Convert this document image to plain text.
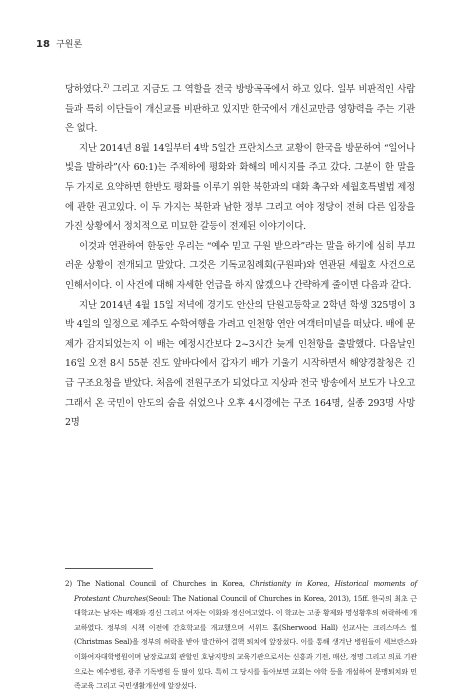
18 구원론

당하였다.$^{2)}$ 그리고 지금도 그 역할을 전국 방방곡곡에서 하고 있다. 일부 비판적인 사람들과 특히 이단들이 개신교를 비판하고 있지만 한국에서 개신교만큼 영향력을 주는 기관은 없다.

지난 2014년 8월 14일부터 4박 5일간 프란치스코 교황이 한국을 방문하여 “일어나 빛을 발하라”(사 60:1)는 주제하에 평화와 화해의 메시지를 주고 갔다. 그분이 한 말을 두 가지로 요약하면 한반도 평화를 이루기 위한 북한과의 대화 촉구와 세월호특별법 제정에 관한 권고있다. 이 두 가지는 북한과 남한 정부 그리고 여야 정당이 전혀 다른 입장을 가진 상황에서 정치적으로 미묘한 갈등이 전제된 이야기이다.

이것과 연관하여 한동안 우리는 “예수 믿고 구원 받으라”라는 말을 하기에 심히 부끄러운 상황이 전개되고 말았다. 그것은 기독교침례회(구원파)와 연관된 세월호 사건으로 인해서이다. 이 사건에 대해 자세한 언급을 하지 않겠으나 간략하게 줄이면 다음과 같다.

지난 2014년 4월 15일 저녁에 경기도 안산의 단원고등학교 2학년 학생 325명이 3박 4일의 일정으로 제주도 수학여행을 가려고 인천항 연안 여객터미널을 떠났다. 배에 문제가 감지되었는지 이 배는 예정시간보다 2~3시간 늦게 인천항을 출발했다. 다음날인 16일 오전 8시 55분 진도 앞바다에서 갑자기 배가 기울기 시작하면서 해양경찰청은 긴급 구조요청을 받았다. 처음에 전원구조가 되었다고 지상파 전국 방송에서 보도가 나오고 그래서 온 국민이 안도의 숨을 쉬었으나 오후 4시경에는 구조 164명, 실종 293명 사망 2명

2) The National Council of Churches in Korea, Christianity in Korea, Historical moments of Protestant Churches(Seoul: The National Council of Churches in Korea, 2013), 15ff. 한국의 최초 근대학교는 남자는 배재와 경신 그리고 여자는 이화와 정신여고였다. 이 학교는 고종 황제와 명성황후의 허락하에 개교하였다. 정부의 시책 이전에 간호학교를 개교했으며 서위드 홀(Sherwood Hall) 선교사는 크리스마스 씰(Christmas Seal)을 정부의 허락을 받아 발간하여 결핵 퇴치에 앞장섰다. 이를 통해 생겨난 병원들이 세브란스와 이화여자대학병원이며 남장로교회 관할인 호남지방의 교육기관으로서는 신흥과 기전, 매산, 정명 그리고 의료 기관으로는 예수병원, 광주 기독병원 등 많이 있다. 특히 그 당시를 돌아보면 교회는 야학 등을 개설하여 문맹퇴치와 민족교육 그리고 국민생활개선에 앞장섰다.
